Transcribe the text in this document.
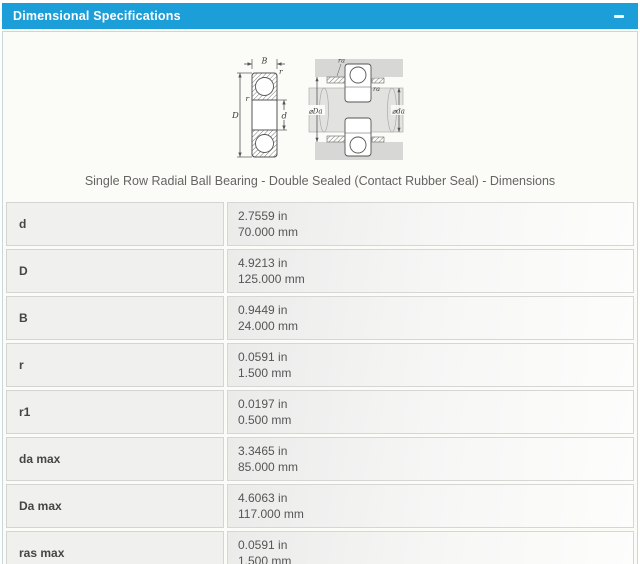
Dimensional Specifications
D
B
r
r
d	⌀Da	⌀da
ra
ra
Single Row Radial Ball Bearing - Double Sealed (Contact Rubber Seal) - Dimensions
d
2.7559 in
70.000 mm
D
4.9213 in
125.000 mm
B
0.9449 in
24.000 mm
r
0.0591 in
1.500 mm
r1
0.0197 in
0.500 mm
da max
3.3465 in
85.000 mm
Da max
4.6063 in
117.000 mm
ras max
0.0591 in
1.500 mm
